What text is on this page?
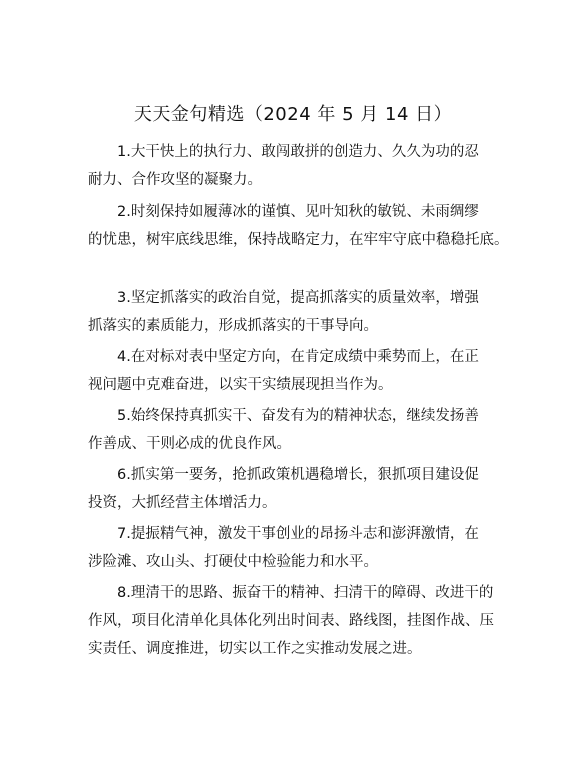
天天金句精选（2024 年 5 月 14 日）
1.大干快上的执行力、敢闯敢拼的创造力、久久为功的忍
耐力、合作攻坚的凝聚力。
2.时刻保持如履薄冰的谨慎、见叶知秋的敏锐、未雨绸缪
的忧患，树牢底线思维，保持战略定力，在牢牢守底中稳稳托底。
3.坚定抓落实的政治自觉，提高抓落实的质量效率，增强
抓落实的素质能力，形成抓落实的干事导向。
4.在对标对表中坚定方向，在肯定成绩中乘势而上，在正
视问题中克难奋进，以实干实绩展现担当作为。
5.始终保持真抓实干、奋发有为的精神状态，继续发扬善
作善成、干则必成的优良作风。
6.抓实第一要务，抢抓政策机遇稳增长，狠抓项目建设促
投资，大抓经营主体增活力。
7.提振精气神，激发干事创业的昂扬斗志和澎湃激情，在
涉险滩、攻山头、打硬仗中检验能力和水平。
8.理清干的思路、振奋干的精神、扫清干的障碍、改进干的
作风，项目化清单化具体化列出时间表、路线图，挂图作战、压
实责任、调度推进，切实以工作之实推动发展之进。
